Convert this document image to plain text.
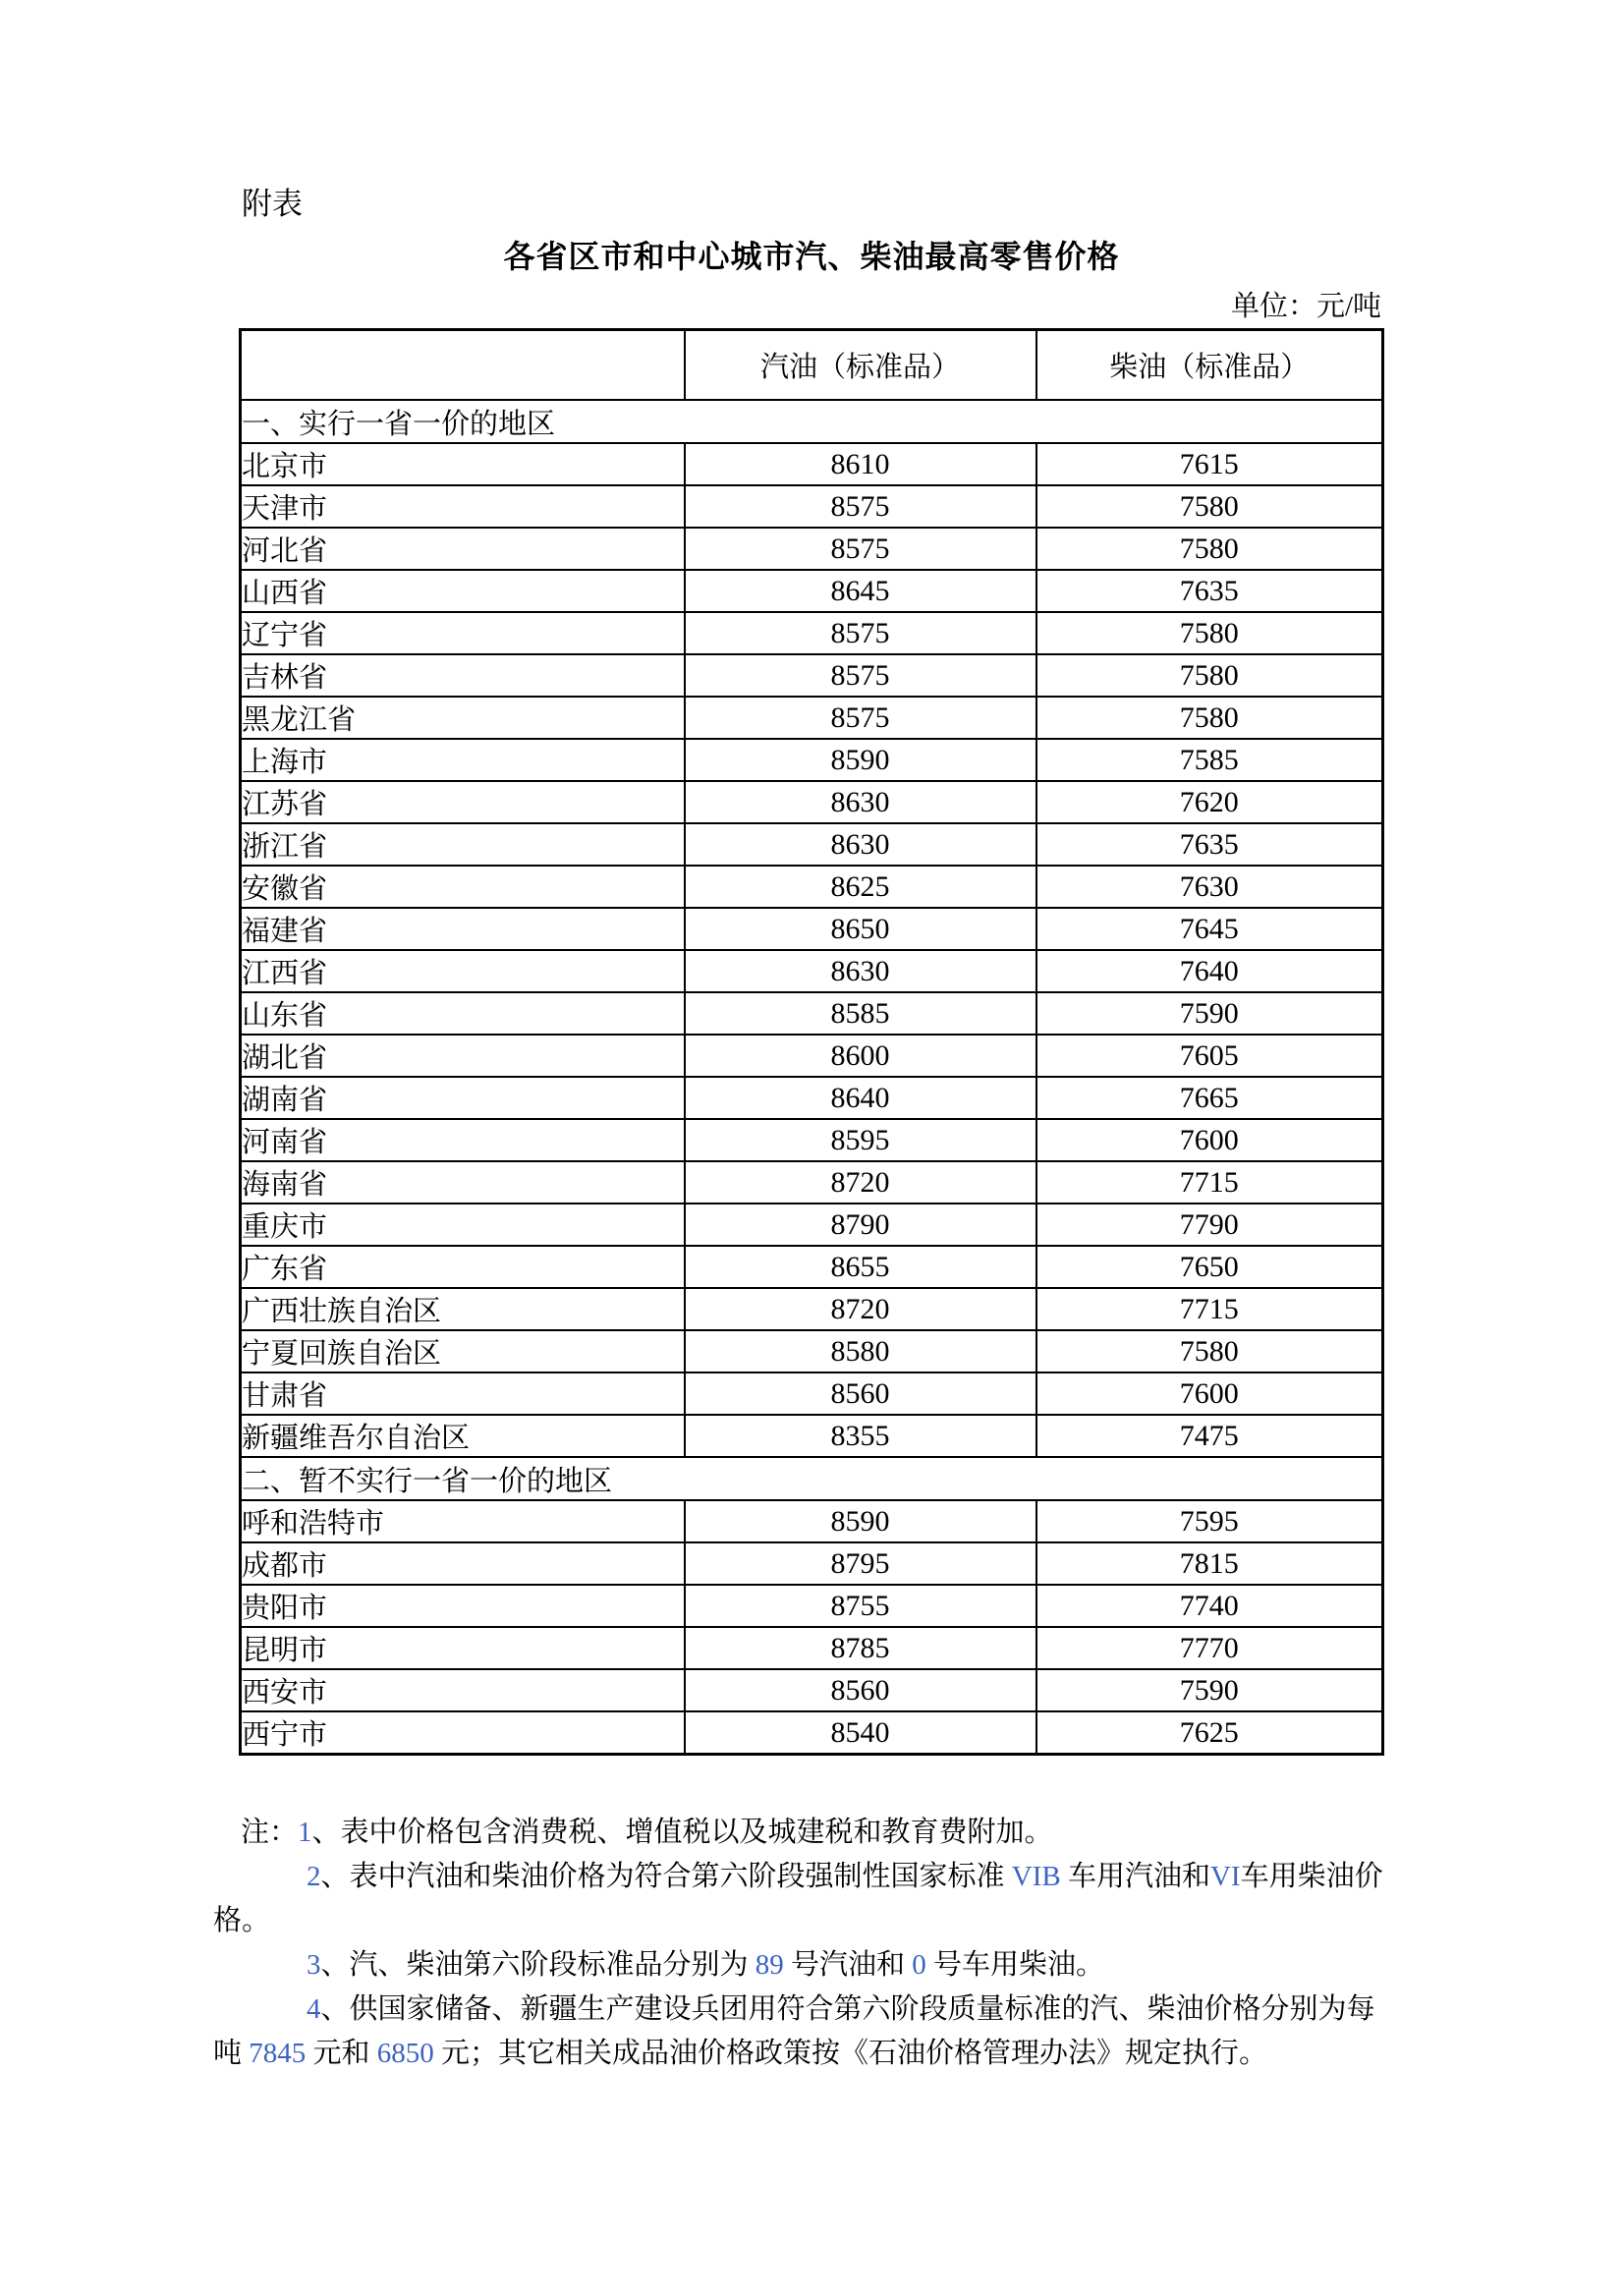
附表
各省区市和中心城市汽、柴油最高零售价格
单位：元/吨
	汽油（标准品）	柴油（标准品）
一、实行一省一价的地区		
北京市	8610	7615
天津市	8575	7580
河北省	8575	7580
山西省	8645	7635
辽宁省	8575	7580
吉林省	8575	7580
黑龙江省	8575	7580
上海市	8590	7585
江苏省	8630	7620
浙江省	8630	7635
安徽省	8625	7630
福建省	8650	7645
江西省	8630	7640
山东省	8585	7590
湖北省	8600	7605
湖南省	8640	7665
河南省	8595	7600
海南省	8720	7715
重庆市	8790	7790
广东省	8655	7650
广西壮族自治区	8720	7715
宁夏回族自治区	8580	7580
甘肃省	8560	7600
新疆维吾尔自治区	8355	7475
二、暂不实行一省一价的地区		
呼和浩特市	8590	7595
成都市	8795	7815
贵阳市	8755	7740
昆明市	8785	7770
西安市	8560	7590
西宁市	8540	7625
注：1、表中价格包含消费税、增值税以及城建税和教育费附加。
2、表中汽油和柴油价格为符合第六阶段强制性国家标准 VIB 车用汽油和VI车用柴油价
格。
3、汽、柴油第六阶段标准品分别为 89 号汽油和 0 号车用柴油。
4、供国家储备、新疆生产建设兵团用符合第六阶段质量标准的汽、柴油价格分别为每
吨 7845 元和 6850 元；其它相关成品油价格政策按《石油价格管理办法》规定执行。
